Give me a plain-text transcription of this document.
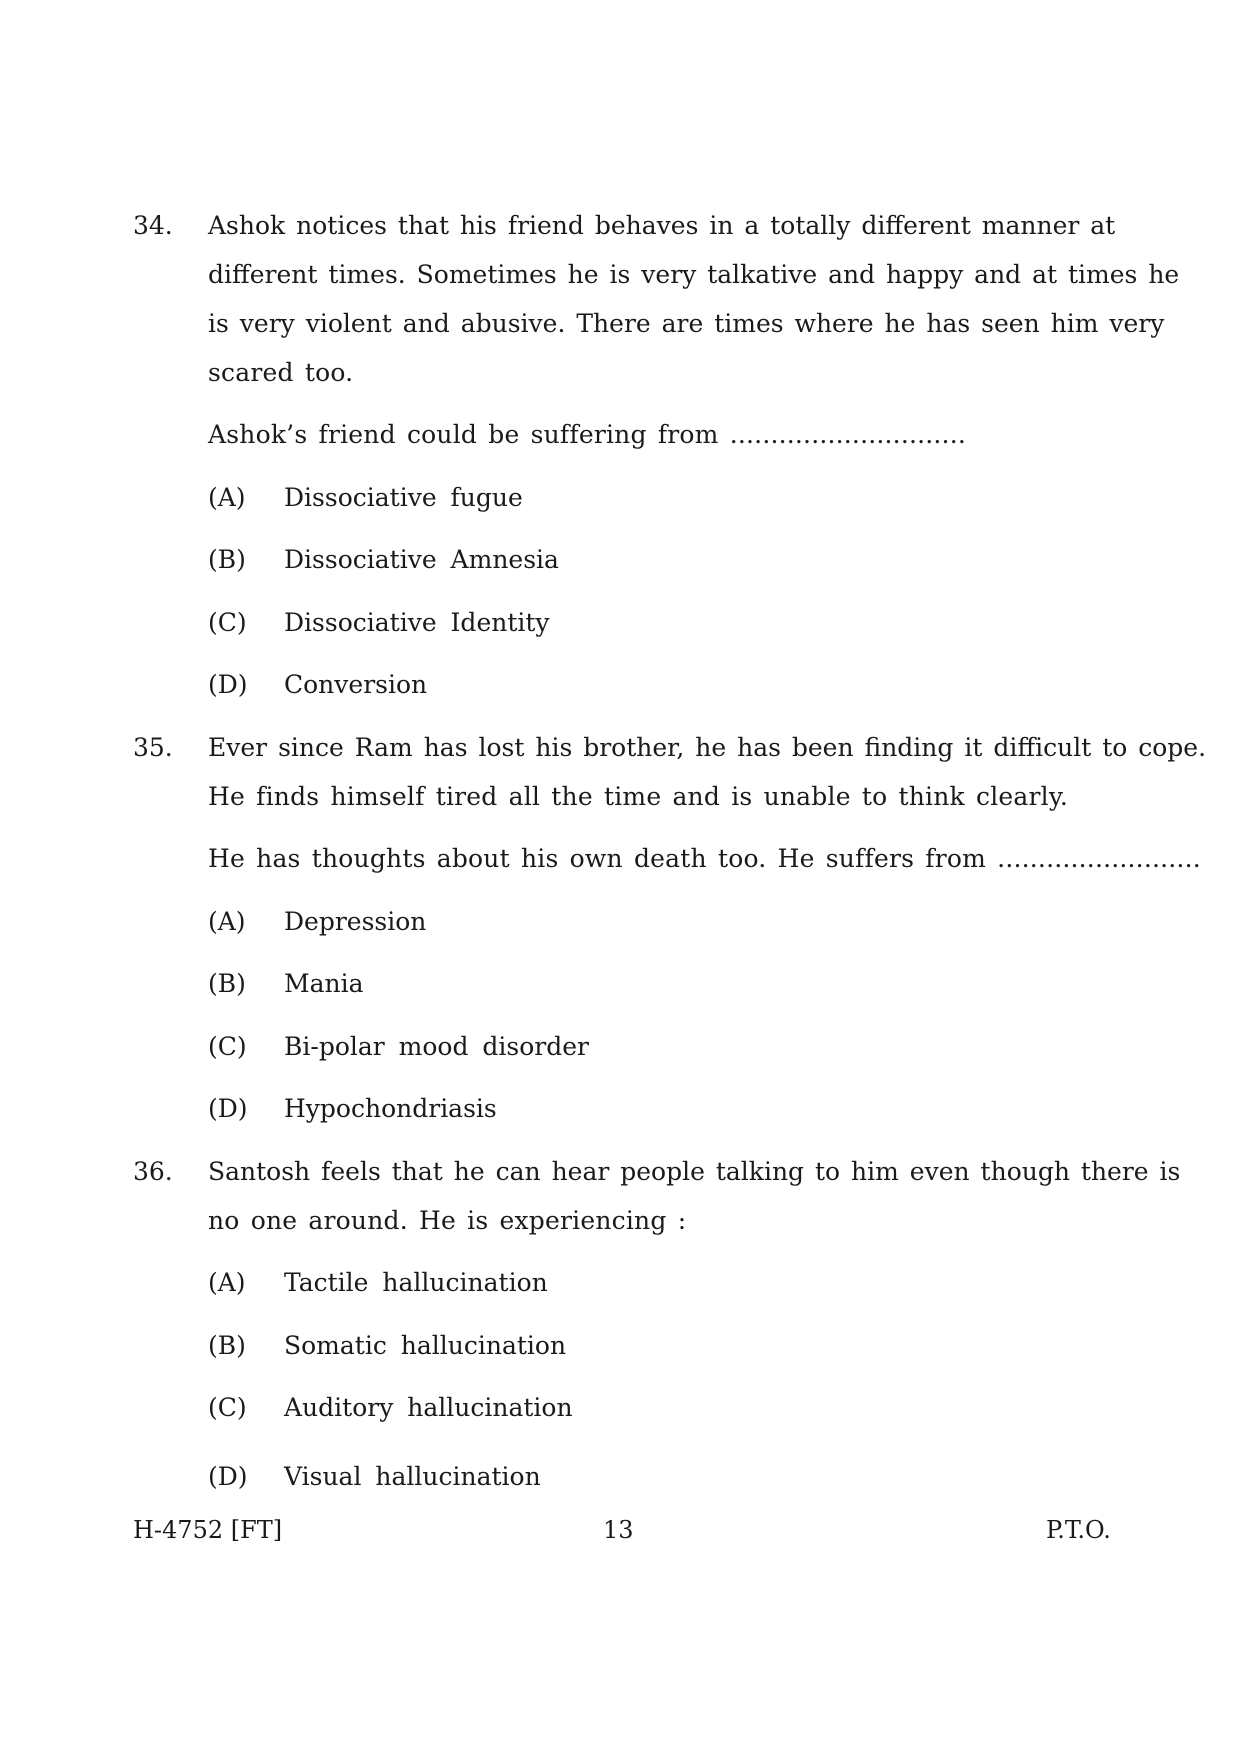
34. Ashok notices that his friend behaves in a totally different manner at
different times. Sometimes he is very talkative and happy and at times he
is very violent and abusive. There are times where he has seen him very
scared too.
Ashok’s friend could be suffering from .............................
(A) Dissociative fugue
(B) Dissociative Amnesia
(C) Dissociative Identity
(D) Conversion
35. Ever since Ram has lost his brother, he has been finding it difficult to cope.
He finds himself tired all the time and is unable to think clearly.
He has thoughts about his own death too. He suffers from .........................
(A) Depression
(B) Mania
(C) Bi-polar mood disorder
(D) Hypochondriasis
36. Santosh feels that he can hear people talking to him even though there is
no one around. He is experiencing :
(A) Tactile hallucination
(B) Somatic hallucination
(C) Auditory hallucination
(D) Visual hallucination
H-4752 [FT]	13	P.T.O.
